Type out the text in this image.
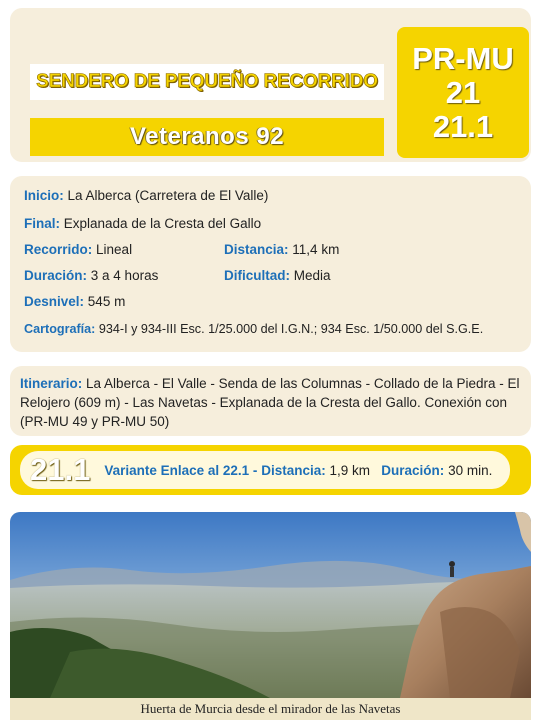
SENDERO DE PEQUEÑO RECORRIDO
Veteranos 92
PR-MU
21
21.1
Inicio: La Alberca (Carretera de El Valle)
Final: Explanada de la Cresta del Gallo
Recorrido: Lineal	Distancia: 11,4 km
Duración: 3 a 4 horas	Dificultad: Media
Desnivel: 545 m
Cartografía: 934-I y 934-III Esc. 1/25.000 del I.G.N.; 934 Esc. 1/50.000 del S.G.E.
Itinerario: La Alberca - El Valle - Senda de las Columnas - Collado de la Piedra - El Relojero (609 m) - Las Navetas - Explanada de la Cresta del Gallo. Conexión con (PR-MU 49 y PR-MU 50)
21.1 Variante Enlace al 22.1 - Distancia: 1,9 km Duración: 30 min.
Huerta de Murcia desde el mirador de las Navetas
